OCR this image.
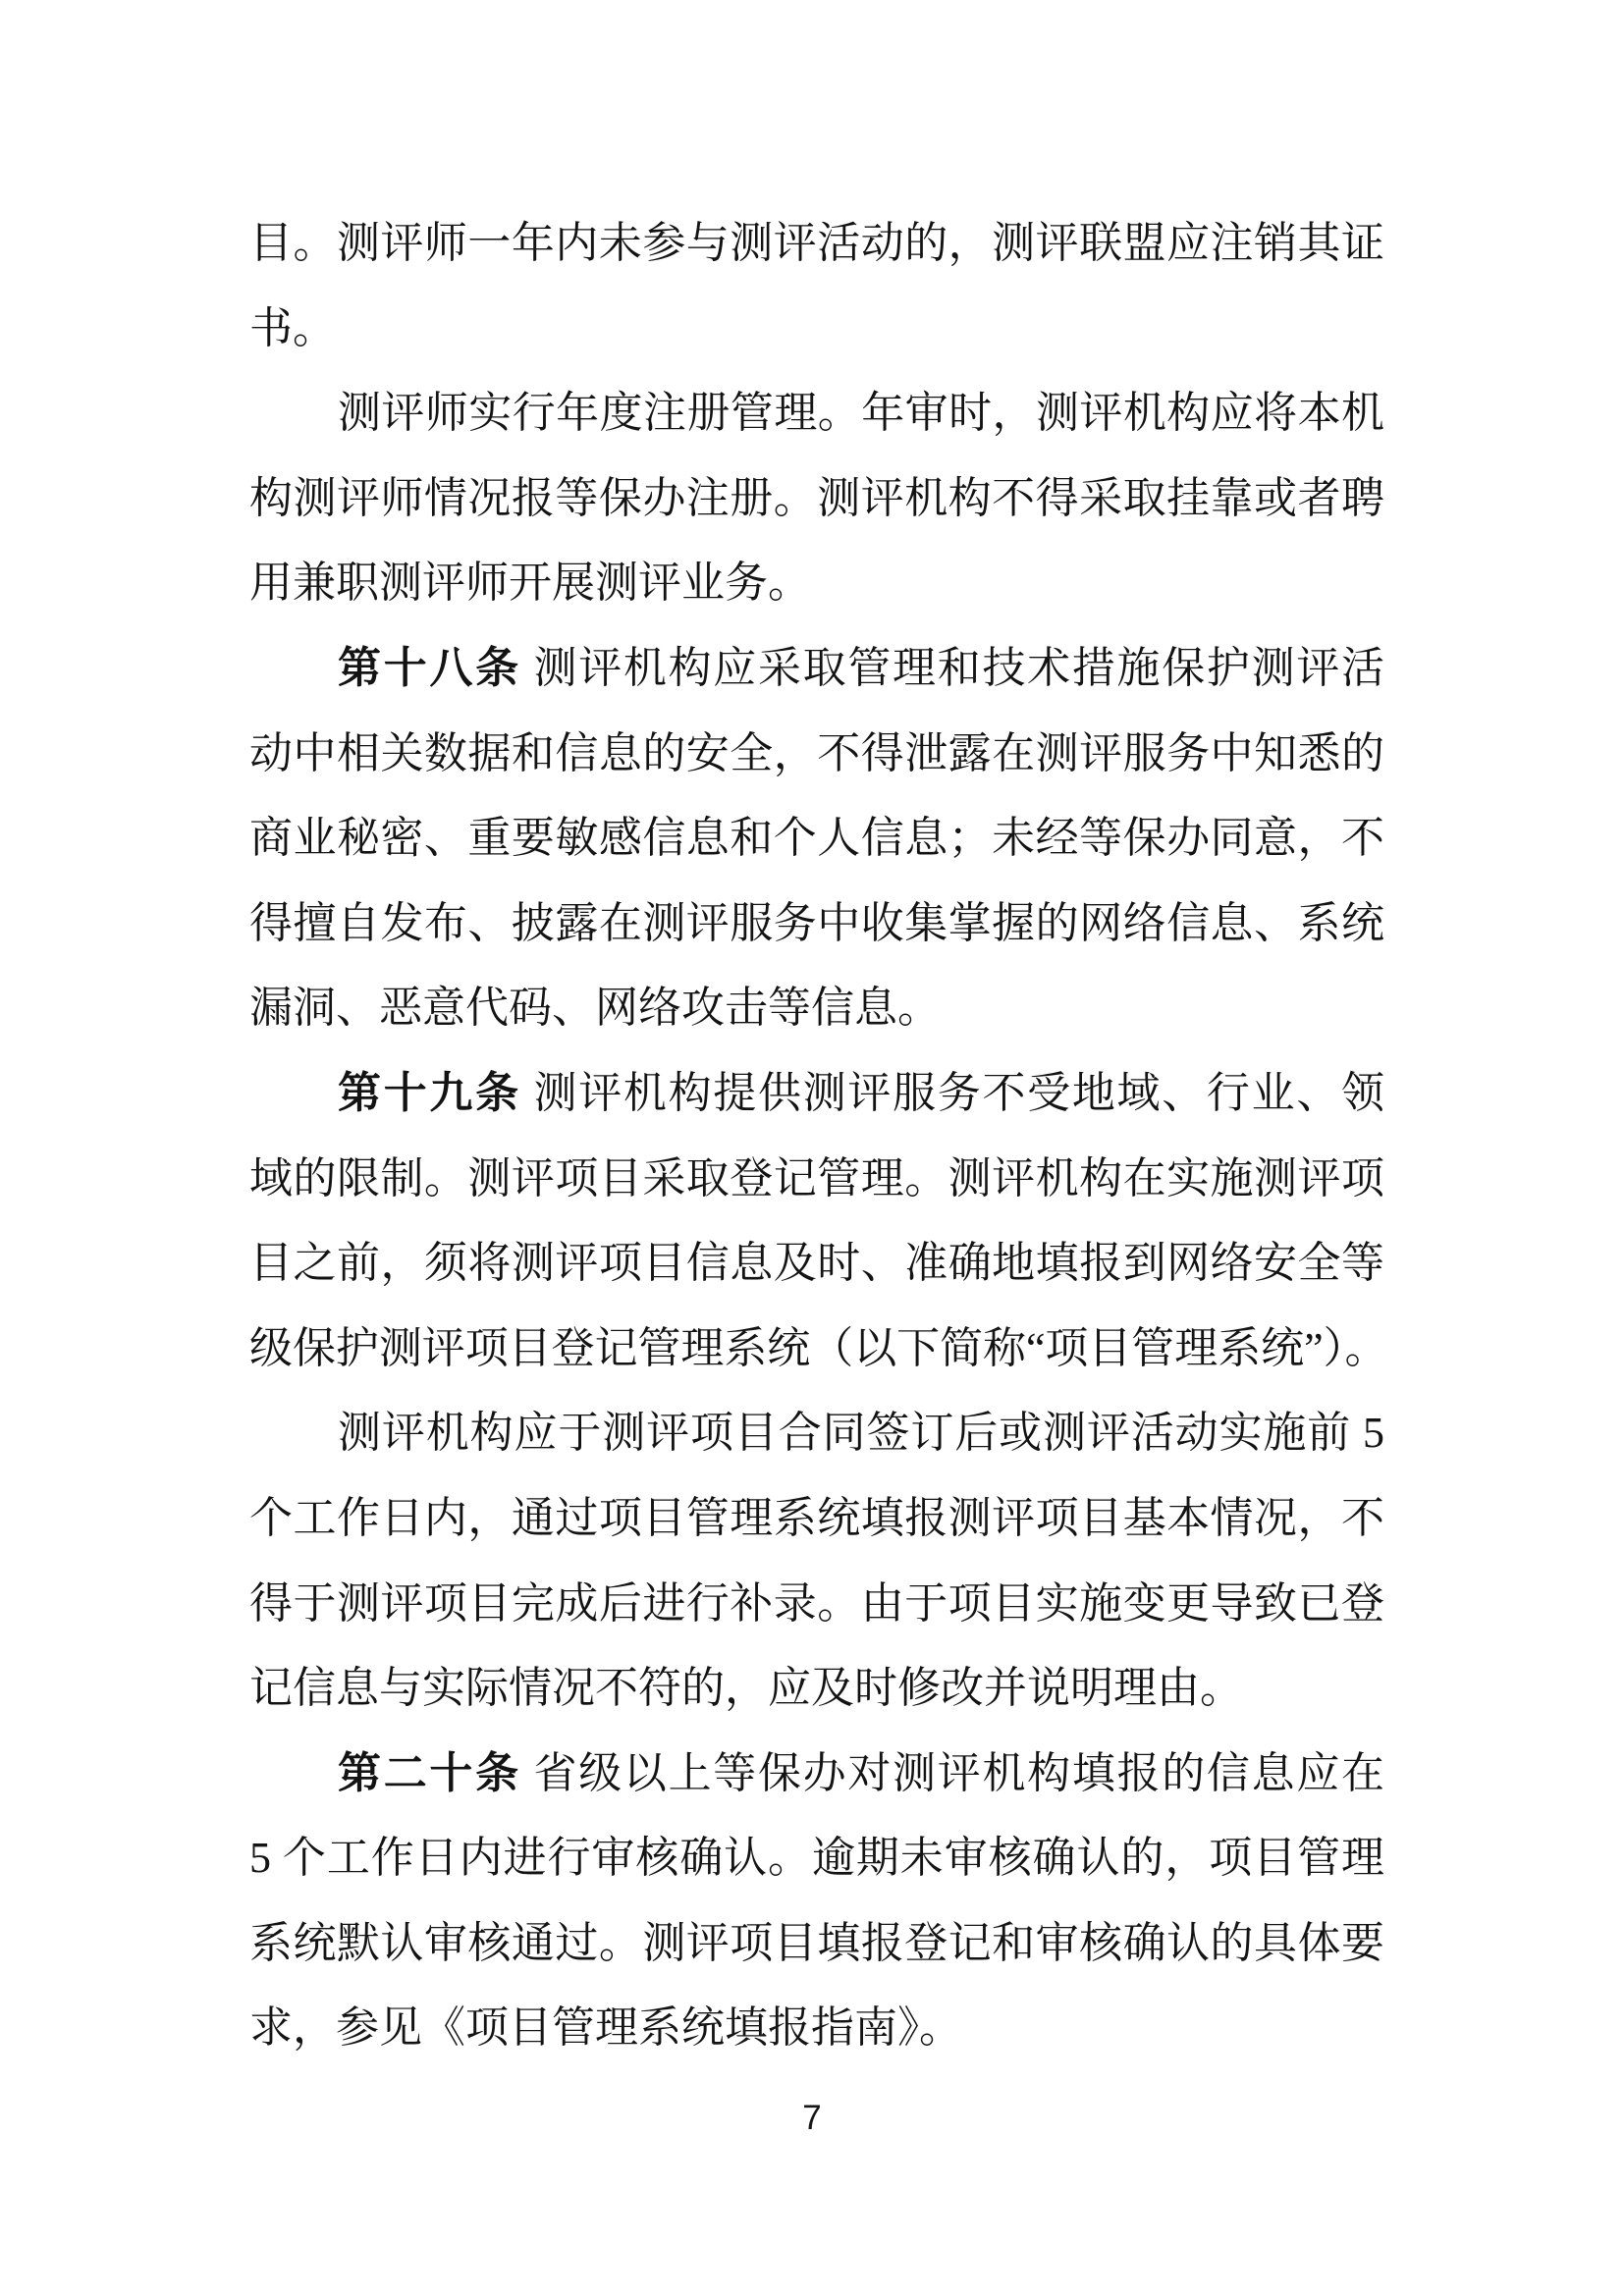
目。测评师一年内未参与测评活动的，测评联盟应注销其证
书。
测评师实行年度注册管理。年审时，测评机构应将本机
构测评师情况报等保办注册。测评机构不得采取挂靠或者聘
用兼职测评师开展测评业务。
第十八条 测评机构应采取管理和技术措施保护测评活
动中相关数据和信息的安全，不得泄露在测评服务中知悉的
商业秘密、重要敏感信息和个人信息；未经等保办同意，不
得擅自发布、披露在测评服务中收集掌握的网络信息、系统
漏洞、恶意代码、网络攻击等信息。
第十九条 测评机构提供测评服务不受地域、行业、领
域的限制。测评项目采取登记管理。测评机构在实施测评项
目之前，须将测评项目信息及时、准确地填报到网络安全等
级保护测评项目登记管理系统（以下简称“项目管理系统”）。
测评机构应于测评项目合同签订后或测评活动实施前 5
个工作日内，通过项目管理系统填报测评项目基本情况，不
得于测评项目完成后进行补录。由于项目实施变更导致已登
记信息与实际情况不符的，应及时修改并说明理由。
第二十条 省级以上等保办对测评机构填报的信息应在
5 个工作日内进行审核确认。逾期未审核确认的，项目管理
系统默认审核通过。测评项目填报登记和审核确认的具体要
求，参见《项目管理系统填报指南》。
7
